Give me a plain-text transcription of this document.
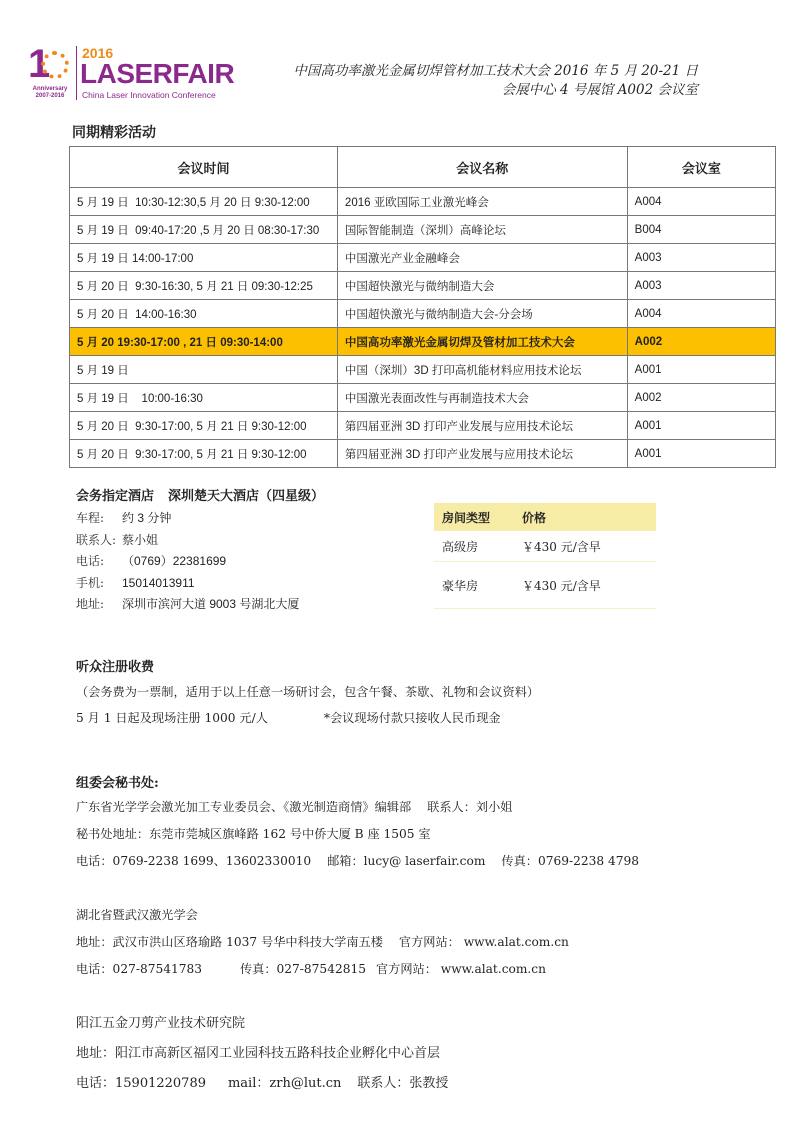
1
Anniversary
2007-2016
2016
LASERFAIR
China Laser Innovation Conference
中国高功率激光金属切焊管材加工技术大会 2016 年 5 月 20-21 日
会展中心 4 号展馆 A002 会议室
同期精彩活动
会议时间	会议名称	会议室
5 月 19 日  10:30-12:30,5 月 20 日 9:30-12:00	2016 亚欧国际工业激光峰会	A004
5 月 19 日  09:40-17:20 ,5 月 20 日 08:30-17:30	国际智能制造（深圳）高峰论坛	B004
5 月 19 日 14:00-17:00	中国激光产业金融峰会	A003
5 月 20 日  9:30-16:30, 5 月 21 日 09:30-12:25	中国超快激光与微纳制造大会	A003
5 月 20 日  14:00-16:30	中国超快激光与微纳制造大会-分会场	A004
5 月 20 19:30-17:00 , 21 日 09:30-14:00	中国高功率激光金属切焊及管材加工技术大会	A002
5 月 19 日	中国（深圳）3D 打印高机能材料应用技术论坛	A001
5 月 19 日    10:00-16:30	中国激光表面改性与再制造技术大会	A002
5 月 20 日  9:30-17:00, 5 月 21 日 9:30-12:00	第四届亚洲 3D 打印产业发展与应用技术论坛	A001
5 月 20 日  9:30-17:00, 5 月 21 日 9:30-12:00	第四届亚洲 3D 打印产业发展与应用技术论坛	A001
会务指定酒店 深圳楚天大酒店（四星级）
车程:	约 3 分钟
联系人: 蔡小姐
电话:	（0769）22381699
手机:	15014013911
地址:	深圳市滨河大道 9003 号湖北大厦
房间类型	价格
高级房	￥430 元/含早
豪华房	￥430 元/含早
听众注册收费
（会务费为一票制，适用于以上任意一场研讨会，包含午餐、茶歇、礼物和会议资料）
5 月 1 日起及现场注册 1000 元/人	*会议现场付款只接收人民币现金
组委会秘书处:
广东省光学学会激光加工专业委员会、《激光制造商情》编辑部 联系人：刘小姐
秘书处地址：东莞市莞城区旗峰路 162 号中侨大厦 B 座 1505 室
电话：0769-2238 1699、13602330010 邮箱：lucy@ laserfair.com 传真：0769-2238 4798
湖北省暨武汉激光学会
地址：武汉市洪山区珞瑜路 1037 号华中科技大学南五楼 官方网站： www.alat.com.cn
电话：027-87541783	传真：027-87542815 官方网站： www.alat.com.cn
阳江五金刀剪产业技术研究院
地址：阳江市高新区福冈工业园科技五路科技企业孵化中心首层
电话：15901220789 mail：zrh@lut.cn 联系人：张教授
